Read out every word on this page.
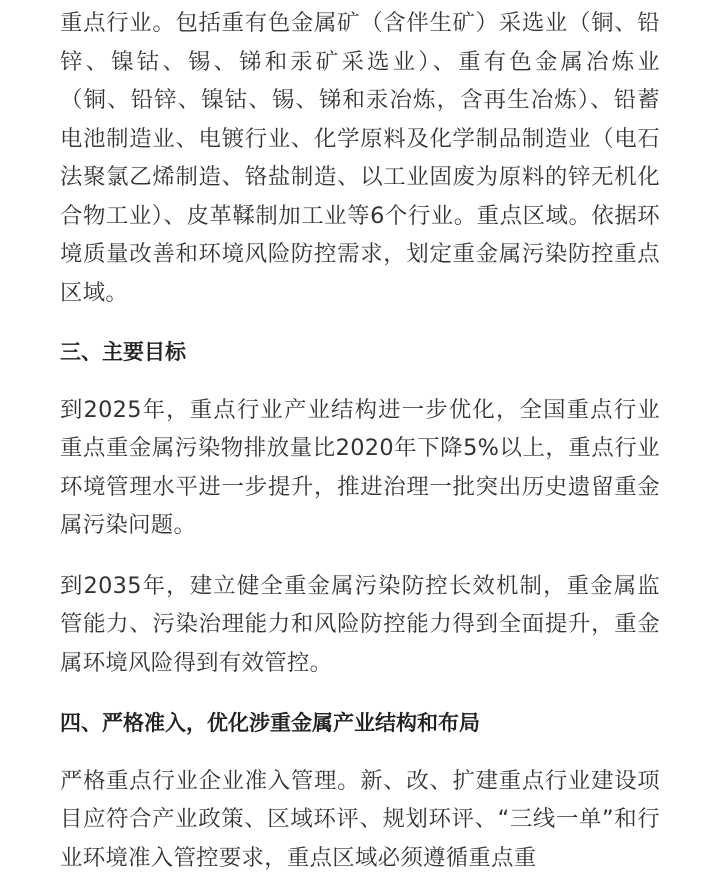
重点行业。包括重有色金属矿（含伴生矿）采选业（铜、铅锌、镍钴、锡、锑和汞矿采选业）、重有色金属冶炼业（铜、铅锌、镍钴、锡、锑和汞冶炼，含再生冶炼）、铅蓄电池制造业、电镀行业、化学原料及化学制品制造业（电石法聚氯乙烯制造、铬盐制造、以工业固废为原料的锌无机化合物工业）、皮革鞣制加工业等6个行业。重点区域。依据环境质量改善和环境风险防控需求，划定重金属污染防控重点区域。

三、主要目标

到2025年，重点行业产业结构进一步优化，全国重点行业重点重金属污染物排放量比2020年下降5%以上，重点行业环境管理水平进一步提升，推进治理一批突出历史遗留重金属污染问题。

到2035年，建立健全重金属污染防控长效机制，重金属监管能力、污染治理能力和风险防控能力得到全面提升，重金属环境风险得到有效管控。

四、严格准入，优化涉重金属产业结构和布局

严格重点行业企业准入管理。新、改、扩建重点行业建设项目应符合产业政策、区域环评、规划环评、“三线一单”和行业环境准入管控要求，重点区域必须遵循重点重
